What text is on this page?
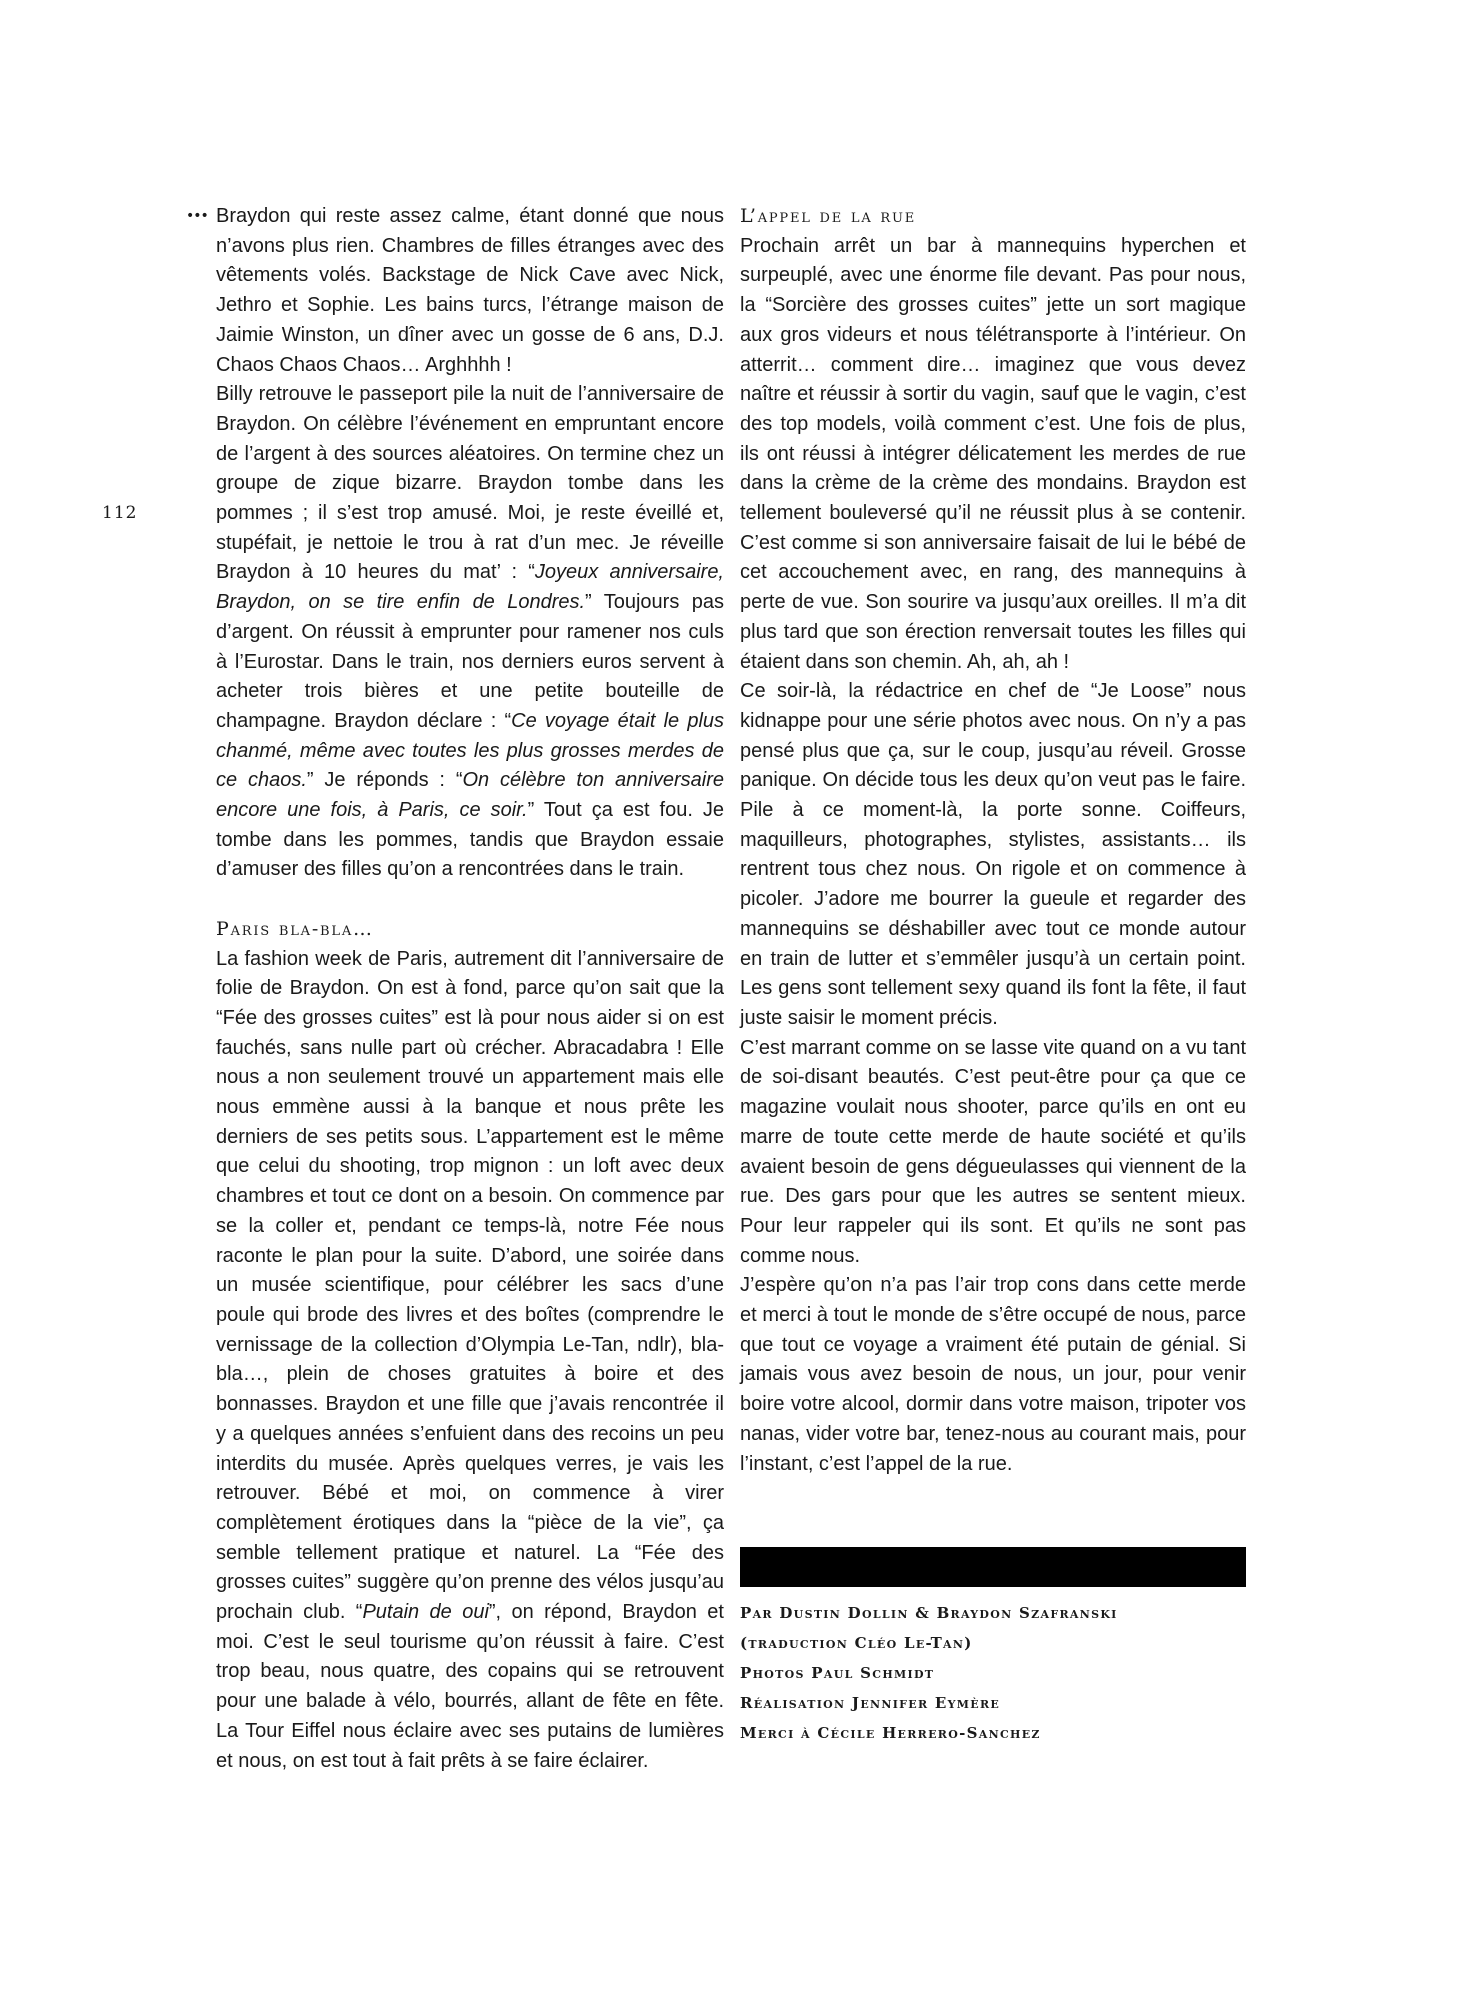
112
••• Braydon qui reste assez calme, étant donné que nous n’avons plus rien. Chambres de filles étranges avec des vêtements volés. Backstage de Nick Cave avec Nick, Jethro et Sophie. Les bains turcs, l’étrange maison de Jaimie Winston, un dîner avec un gosse de 6 ans, D.J. Chaos Chaos Chaos… Arghhhh !

Billy retrouve le passeport pile la nuit de l’anniversaire de Braydon. On célèbre l’événement en empruntant encore de l’argent à des sources aléatoires. On termine chez un groupe de zique bizarre. Braydon tombe dans les pommes ; il s’est trop amusé. Moi, je reste éveillé et, stupéfait, je nettoie le trou à rat d’un mec. Je réveille Braydon à 10 heures du mat’ : “Joyeux anniversaire, Braydon, on se tire enfin de Londres.” Toujours pas d’argent. On réussit à emprunter pour ramener nos culs à l’Eurostar. Dans le train, nos derniers euros servent à acheter trois bières et une petite bouteille de champagne. Braydon déclare : “Ce voyage était le plus chanmé, même avec toutes les plus grosses merdes de ce chaos.” Je réponds : “On célèbre ton anniversaire encore une fois, à Paris, ce soir.” Tout ça est fou. Je tombe dans les pommes, tandis que Braydon essaie d’amuser des filles qu’on a rencontrées dans le train.

Paris bla-bla…

La fashion week de Paris, autrement dit l’anniversaire de folie de Braydon. On est à fond, parce qu’on sait que la “Fée des grosses cuites” est là pour nous aider si on est fauchés, sans nulle part où crécher. Abracadabra ! Elle nous a non seulement trouvé un appartement mais elle nous emmène aussi à la banque et nous prête les derniers de ses petits sous. L’appartement est le même que celui du shooting, trop mignon : un loft avec deux chambres et tout ce dont on a besoin. On commence par se la coller et, pendant ce temps-là, notre Fée nous raconte le plan pour la suite. D’abord, une soirée dans un musée scientifique, pour célébrer les sacs d’une poule qui brode des livres et des boîtes (comprendre le vernissage de la collection d’Olympia Le-Tan, ndlr), bla-bla…, plein de choses gratuites à boire et des bonnasses. Braydon et une fille que j’avais rencontrée il y a quelques années s’enfuient dans des recoins un peu interdits du musée. Après quelques verres, je vais les retrouver. Bébé et moi, on commence à virer complètement érotiques dans la “pièce de la vie”, ça semble tellement pratique et naturel. La “Fée des grosses cuites” suggère qu’on prenne des vélos jusqu’au prochain club. “Putain de oui”, on répond, Braydon et moi. C’est le seul tourisme qu’on réussit à faire. C’est trop beau, nous quatre, des copains qui se retrouvent pour une balade à vélo, bourrés, allant de fête en fête. La Tour Eiffel nous éclaire avec ses putains de lumières et nous, on est tout à fait prêts à se faire éclairer.

L’appel de la rue

Prochain arrêt un bar à mannequins hyperchen et surpeuplé, avec une énorme file devant. Pas pour nous, la “Sorcière des grosses cuites” jette un sort magique aux gros videurs et nous télétransporte à l’intérieur. On atterrit… comment dire… imaginez que vous devez naître et réussir à sortir du vagin, sauf que le vagin, c’est des top models, voilà comment c’est. Une fois de plus, ils ont réussi à intégrer délicatement les merdes de rue dans la crème de la crème des mondains. Braydon est tellement bouleversé qu’il ne réussit plus à se contenir. C’est comme si son anniversaire faisait de lui le bébé de cet accouchement avec, en rang, des mannequins à perte de vue. Son sourire va jusqu’aux oreilles. Il m’a dit plus tard que son érection renversait toutes les filles qui étaient dans son chemin. Ah, ah, ah !

Ce soir-là, la rédactrice en chef de “Je Loose” nous kidnappe pour une série photos avec nous. On n’y a pas pensé plus que ça, sur le coup, jusqu’au réveil. Grosse panique. On décide tous les deux qu’on veut pas le faire. Pile à ce moment-là, la porte sonne. Coiffeurs, maquilleurs, photographes, stylistes, assistants… ils rentrent tous chez nous. On rigole et on commence à picoler. J’adore me bourrer la gueule et regarder des mannequins se déshabiller avec tout ce monde autour en train de lutter et s’emmêler jusqu’à un certain point. Les gens sont tellement sexy quand ils font la fête, il faut juste saisir le moment précis.

C’est marrant comme on se lasse vite quand on a vu tant de soi-disant beautés. C’est peut-être pour ça que ce magazine voulait nous shooter, parce qu’ils en ont eu marre de toute cette merde de haute société et qu’ils avaient besoin de gens dégueulasses qui viennent de la rue. Des gars pour que les autres se sentent mieux. Pour leur rappeler qui ils sont. Et qu’ils ne sont pas comme nous.

J’espère qu’on n’a pas l’air trop cons dans cette merde et merci à tout le monde de s’être occupé de nous, parce que tout ce voyage a vraiment été putain de génial. Si jamais vous avez besoin de nous, un jour, pour venir boire votre alcool, dormir dans votre maison, tripoter vos nanas, vider votre bar, tenez-nous au courant mais, pour l’instant, c’est l’appel de la rue.

Par Dustin Dollin & Braydon Szafranski
(traduction Cléo Le-Tan)
Photos Paul Schmidt
Réalisation Jennifer Eymère
Merci à Cécile Herrero-Sanchez
